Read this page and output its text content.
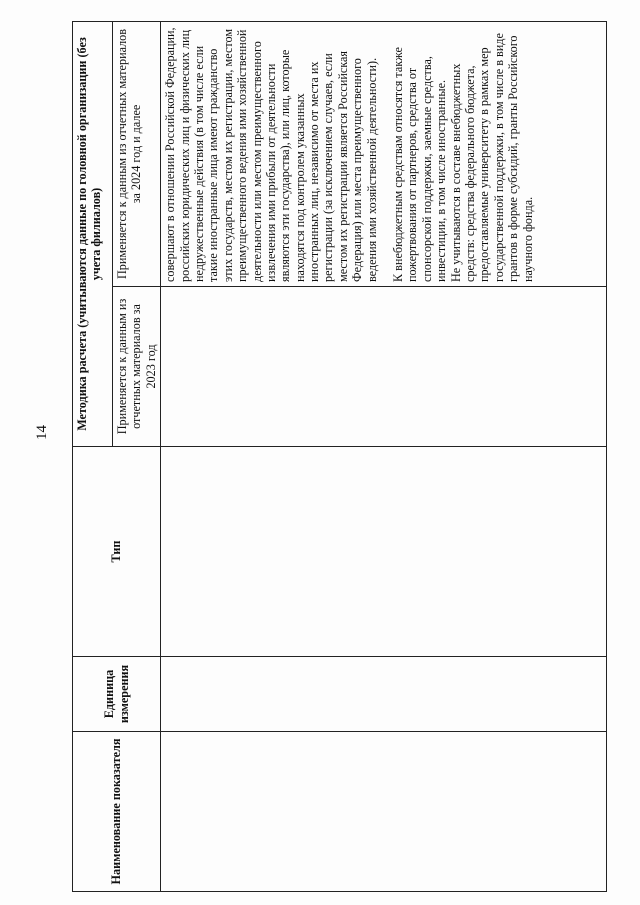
14
Наименование показателя	Единица измерения	Тип	Методика расчета (учитываются данные по головной организации (без учета филиалов)	
			Применяется к данным из отчетных материалов за 2023 год	Применяется к данным из отчетных материалов за 2024 год и далее

				совершают в отношении Российской Федерации, российских юридических лиц и физических лиц недружественные действия (в том числе если такие иностранные лица имеют гражданство этих государств, местом их регистрации, местом преимущественного ведения ими хозяйственной деятельности или местом преимущественного извлечения ими прибыли от деятельности являются эти государства), или лиц, которые находятся под контролем указанных иностранных лиц, независимо от места их регистрации (за исключением случаев, если местом их регистрации является Российская Федерация) или места преимущественного ведения ими хозяйственной деятельности). К внебюджетным средствам относятся также пожертвования от партнеров, средства от спонсорской поддержки, заемные средства, инвестиции, в том числе иностранные.
Не учитываются в составе внебюджетных средств: средства федерального бюджета, предоставляемые университету в рамках мер государственной поддержки, в том числе в виде грантов в форме субсидий, гранты Российского научного фонда.
